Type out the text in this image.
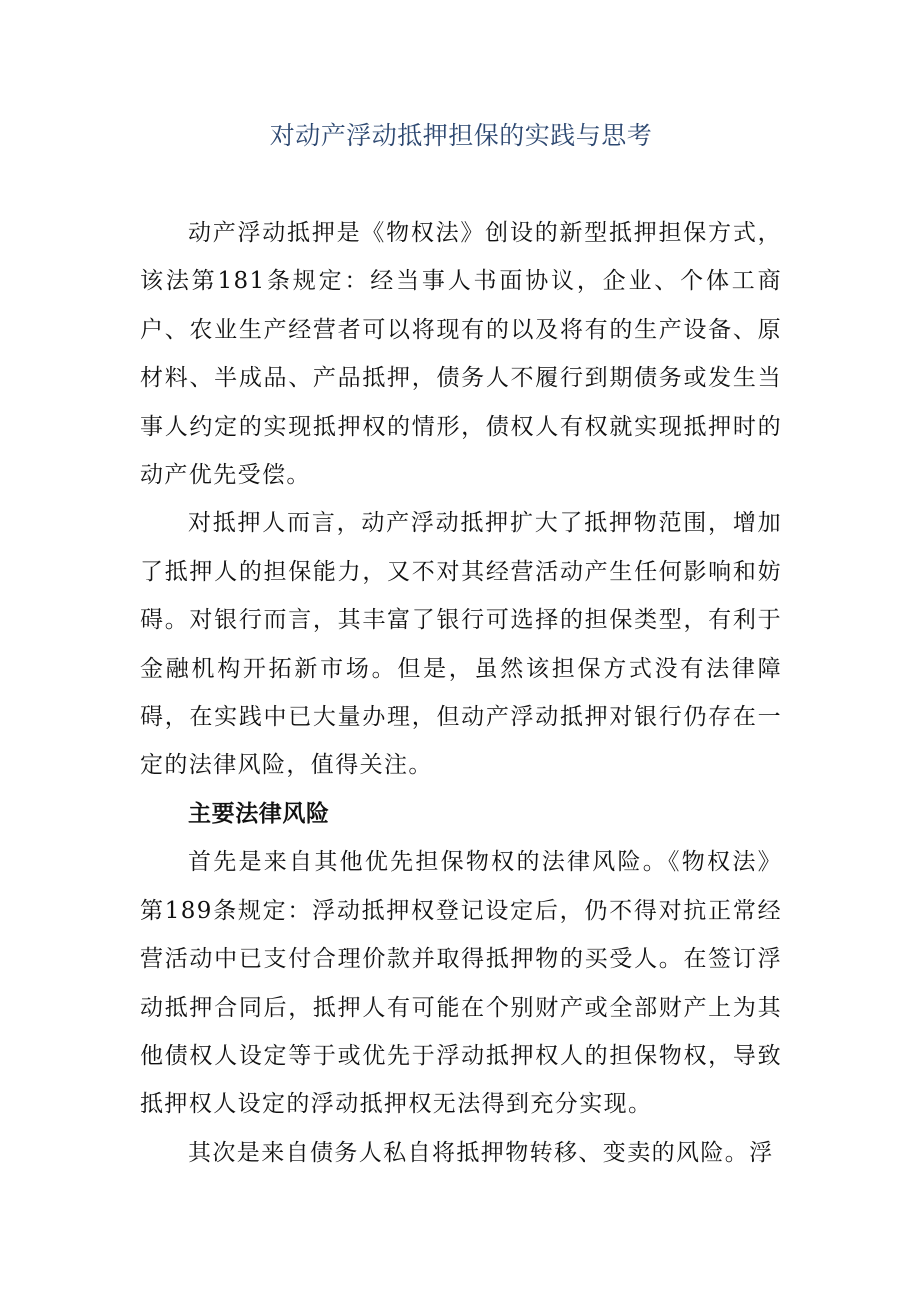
对动产浮动抵押担保的实践与思考

动产浮动抵押是《物权法》创设的新型抵押担保方式，该法第181条规定：经当事人书面协议，企业、个体工商户、农业生产经营者可以将现有的以及将有的生产设备、原材料、半成品、产品抵押，债务人不履行到期债务或发生当事人约定的实现抵押权的情形，债权人有权就实现抵押时的动产优先受偿。

对抵押人而言，动产浮动抵押扩大了抵押物范围，增加了抵押人的担保能力，又不对其经营活动产生任何影响和妨碍。对银行而言，其丰富了银行可选择的担保类型，有利于金融机构开拓新市场。但是，虽然该担保方式没有法律障碍，在实践中已大量办理，但动产浮动抵押对银行仍存在一定的法律风险，值得关注。

主要法律风险

首先是来自其他优先担保物权的法律风险。《物权法》第189条规定：浮动抵押权登记设定后，仍不得对抗正常经营活动中已支付合理价款并取得抵押物的买受人。在签订浮动抵押合同后，抵押人有可能在个别财产或全部财产上为其他债权人设定等于或优先于浮动抵押权人的担保物权，导致抵押权人设定的浮动抵押权无法得到充分实现。

其次是来自债务人私自将抵押物转移、变卖的风险。浮
